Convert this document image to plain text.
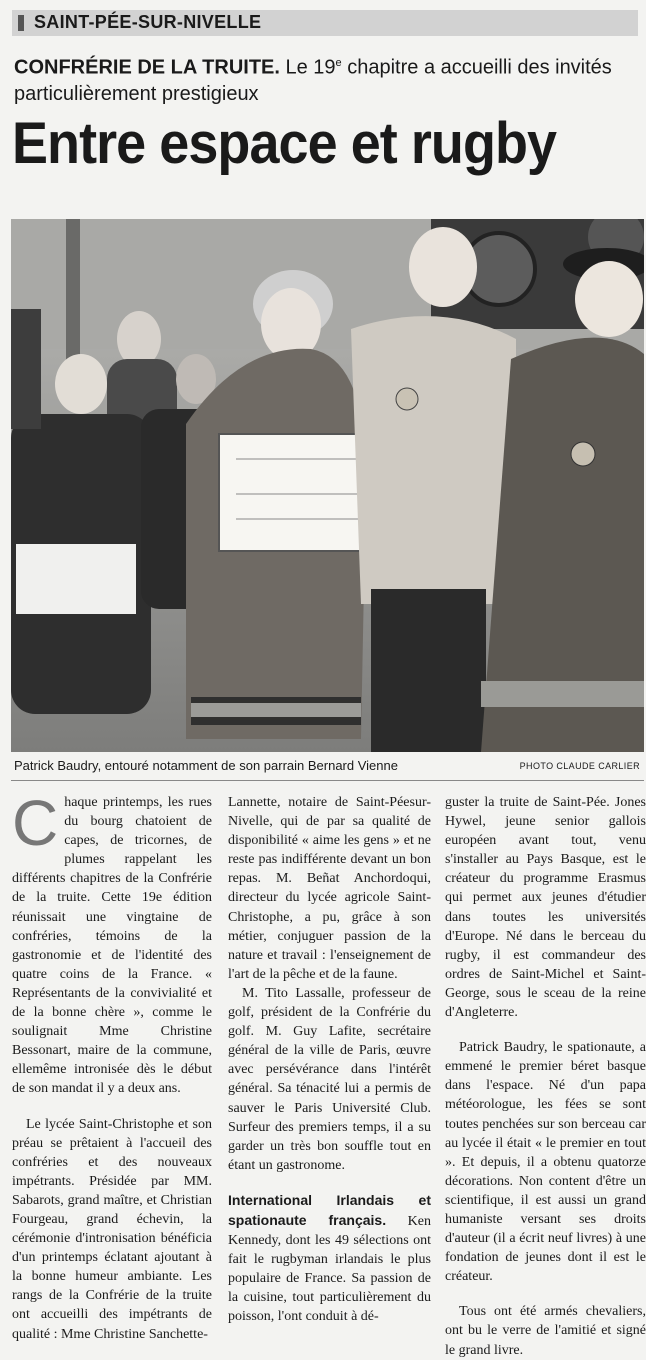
SAINT-PÉE-SUR-NIVELLE
CONFRÉRIE DE LA TRUITE. Le 19e chapitre a accueilli des invités particulièrement prestigieux
Entre espace et rugby
Patrick Baudry, entouré notamment de son parrain Bernard Vienne	PHOTO CLAUDE CARLIER

Chaque printemps, les rues du bourg chatoient de capes, de tricornes, de plumes rappelant les différents chapitres de la Confrérie de la truite. Cette 19e édition réunissait une vingtaine de confréries, témoins de la gastronomie et de l'identité des quatre coins de la France. « Représentants de la convivialité et de la bonne chère », comme le soulignait Mme Christine Bessonart, maire de la commune, ellemême intronisée dès le début de son mandat il y a deux ans.

Le lycée Saint-Christophe et son préau se prêtaient à l'accueil des confréries et des nouveaux impétrants. Présidée par MM. Sabarots, grand maître, et Christian Fourgeau, grand échevin, la cérémonie d'intronisation bénéficia d'un printemps éclatant ajoutant à la bonne humeur ambiante. Les rangs de la Confrérie de la truite ont accueilli des impétrants de qualité : Mme Christine Sanchette-

Lannette, notaire de Saint-Péesur-Nivelle, qui de par sa qualité de disponibilité « aime les gens » et ne reste pas indifférente devant un bon repas. M. Beñat Anchordoqui, directeur du lycée agricole Saint-Christophe, a pu, grâce à son métier, conjuguer passion de la nature et travail : l'enseignement de l'art de la pêche et de la faune.

M. Tito Lassalle, professeur de golf, président de la Confrérie du golf. M. Guy Lafite, secrétaire général de la ville de Paris, œuvre avec persévérance dans l'intérêt général. Sa ténacité lui a permis de sauver le Paris Université Club. Surfeur des premiers temps, il a su garder un très bon souffle tout en étant un gastronome.

International Irlandais et spationaute français. Ken Kennedy, dont les 49 sélections ont fait le rugbyman irlandais le plus populaire de France. Sa passion de la cuisine, tout particulièrement du poisson, l'ont conduit à dé-

guster la truite de Saint-Pée. Jones Hywel, jeune senior gallois européen avant tout, venu s'installer au Pays Basque, est le créateur du programme Erasmus qui permet aux jeunes d'étudier dans toutes les universités d'Europe. Né dans le berceau du rugby, il est commandeur des ordres de Saint-Michel et Saint-George, sous le sceau de la reine d'Angleterre.

Patrick Baudry, le spationaute, a emmené le premier béret basque dans l'espace. Né d'un papa météorologue, les fées se sont toutes penchées sur son berceau car au lycée il était « le premier en tout ». Et depuis, il a obtenu quatorze décorations. Non content d'être un scientifique, il est aussi un grand humaniste versant ses droits d'auteur (il a écrit neuf livres) à une fondation de jeunes dont il est le créateur.

Tous ont été armés chevaliers, ont bu le verre de l'amitié et signé le grand livre.
